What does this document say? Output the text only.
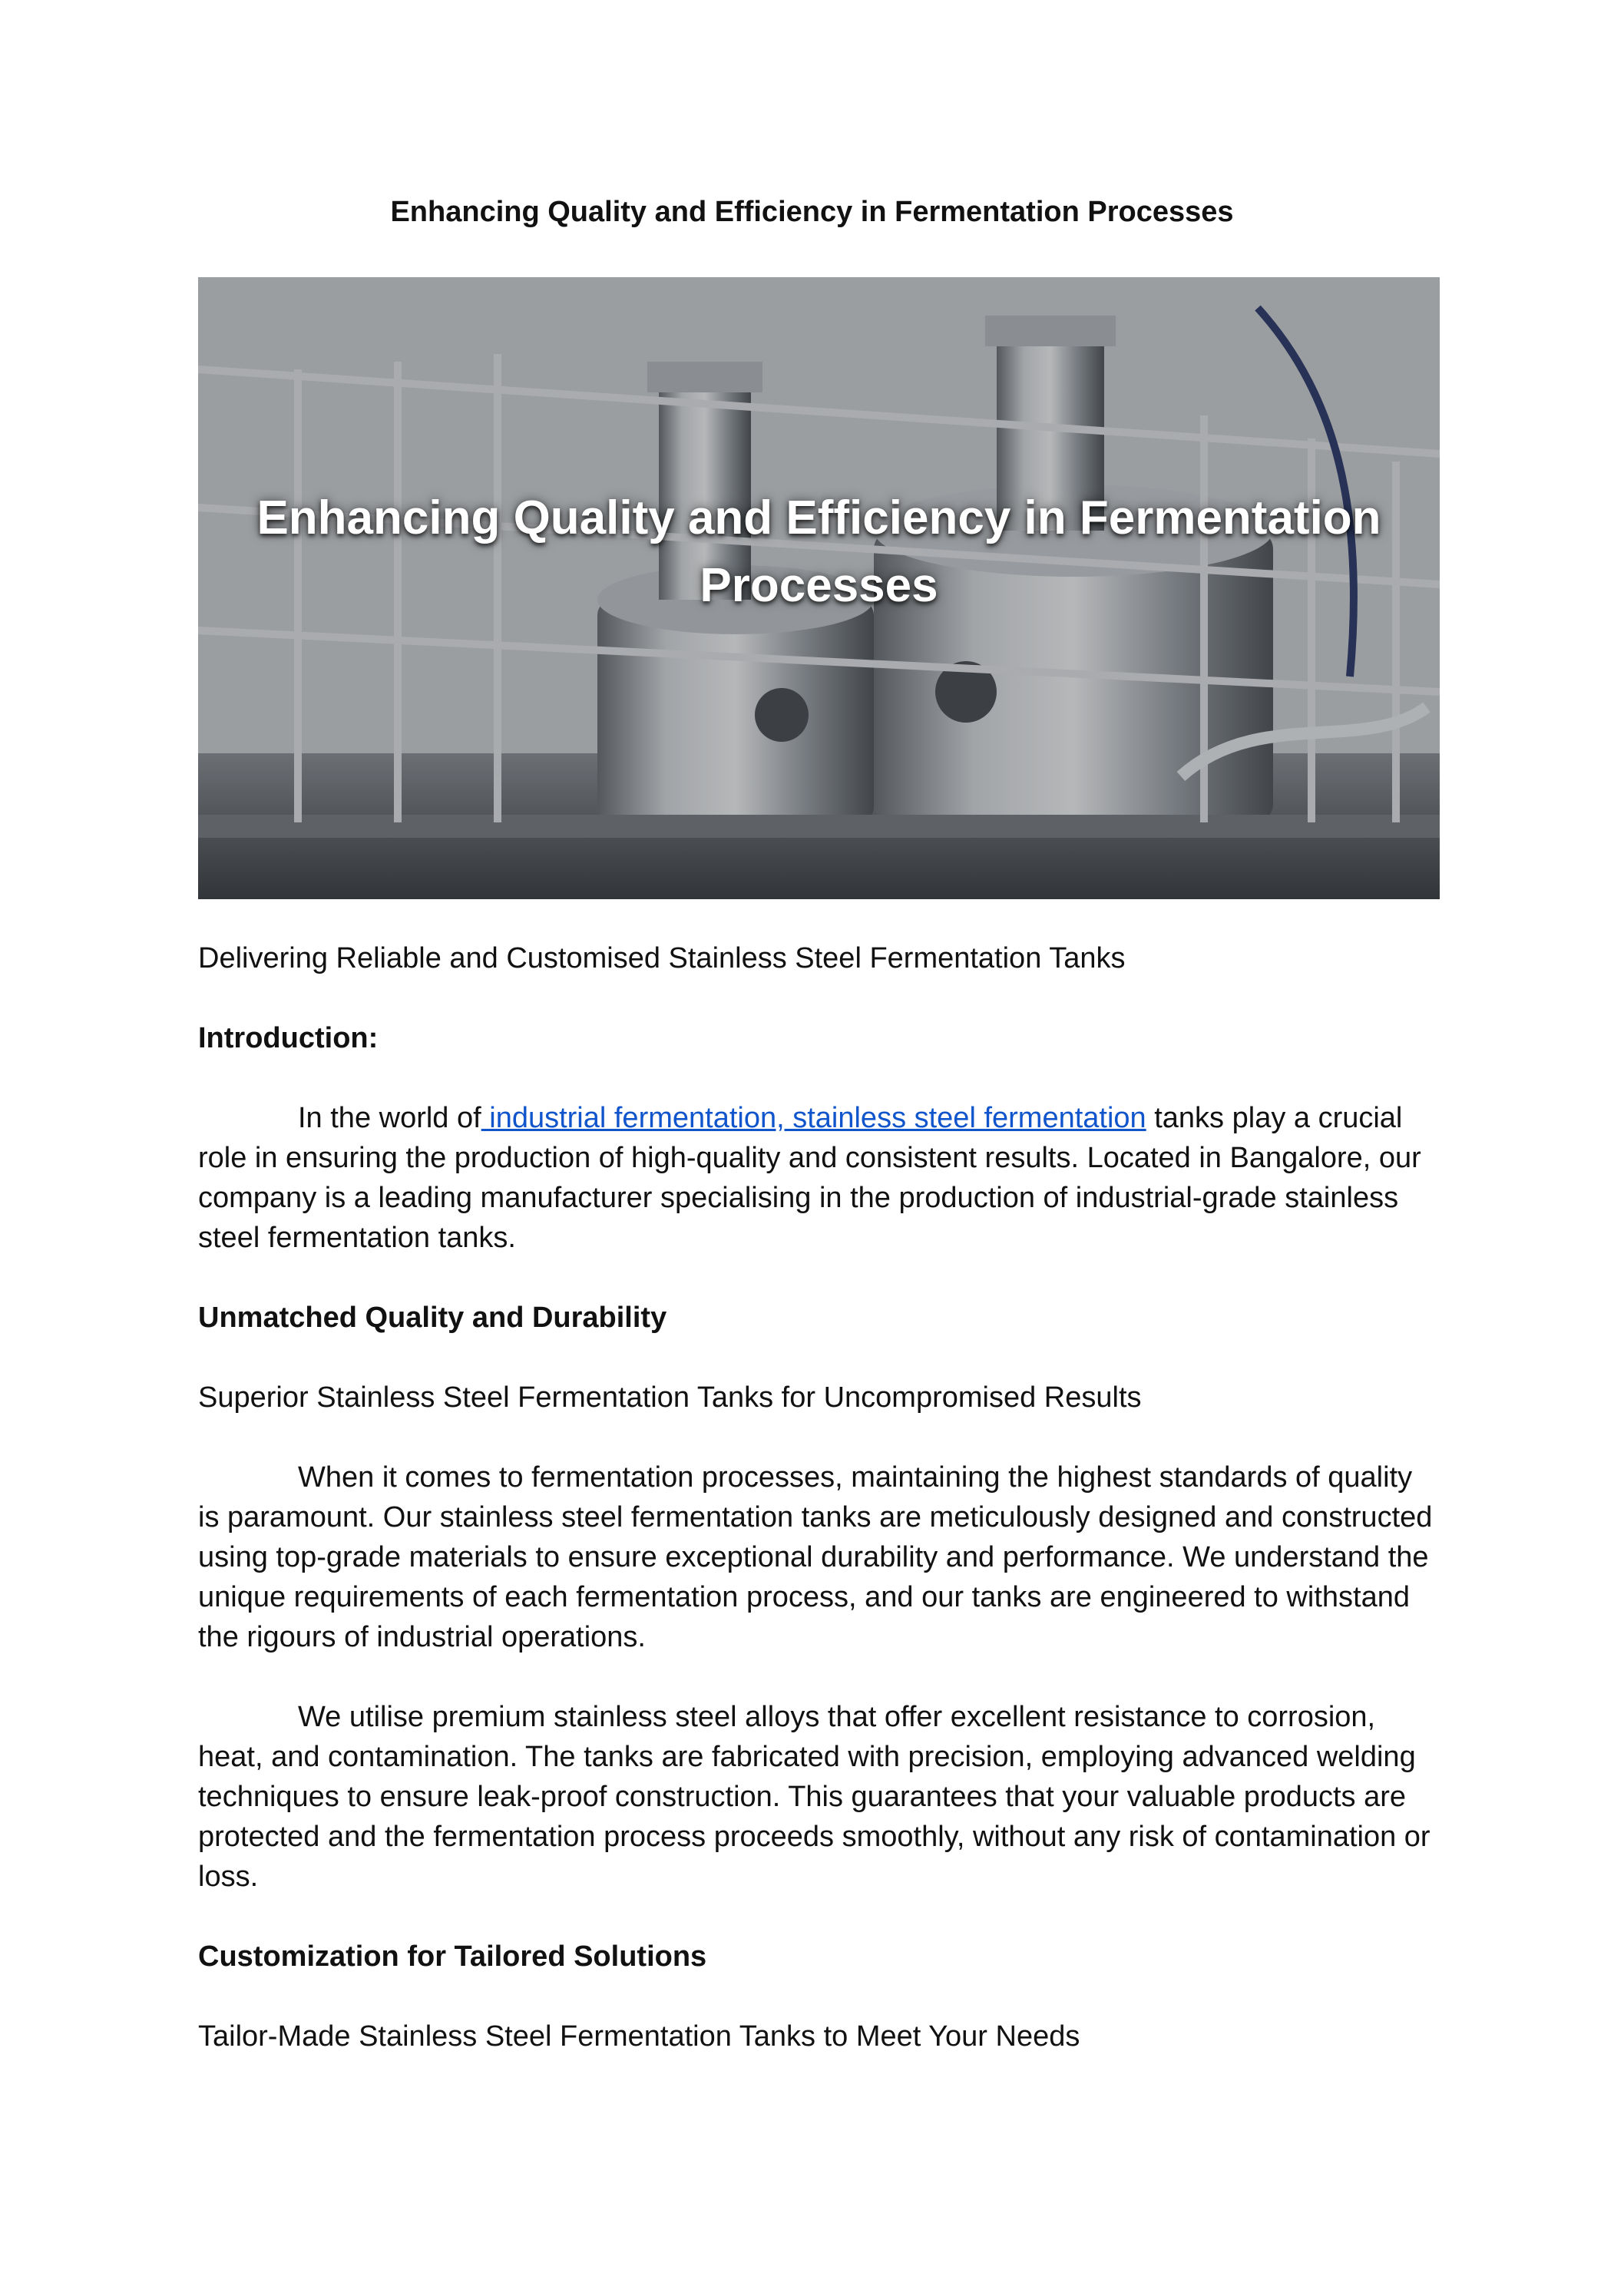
Enhancing Quality and Efficiency in Fermentation Processes
Enhancing Quality and Efficiency in Fermentation
Processes

Delivering Reliable and Customised Stainless Steel Fermentation Tanks

Introduction:

In the world of industrial fermentation, stainless steel fermentation tanks play a crucial role in ensuring the production of high-quality and consistent results. Located in Bangalore, our company is a leading manufacturer specialising in the production of industrial-grade stainless steel fermentation tanks.

Unmatched Quality and Durability

Superior Stainless Steel Fermentation Tanks for Uncompromised Results

When it comes to fermentation processes, maintaining the highest standards of quality is paramount. Our stainless steel fermentation tanks are meticulously designed and constructed using top-grade materials to ensure exceptional durability and performance. We understand the unique requirements of each fermentation process, and our tanks are engineered to withstand the rigours of industrial operations.

We utilise premium stainless steel alloys that offer excellent resistance to corrosion, heat, and contamination. The tanks are fabricated with precision, employing advanced welding techniques to ensure leak-proof construction. This guarantees that your valuable products are protected and the fermentation process proceeds smoothly, without any risk of contamination or loss.

Customization for Tailored Solutions

Tailor-Made Stainless Steel Fermentation Tanks to Meet Your Needs
